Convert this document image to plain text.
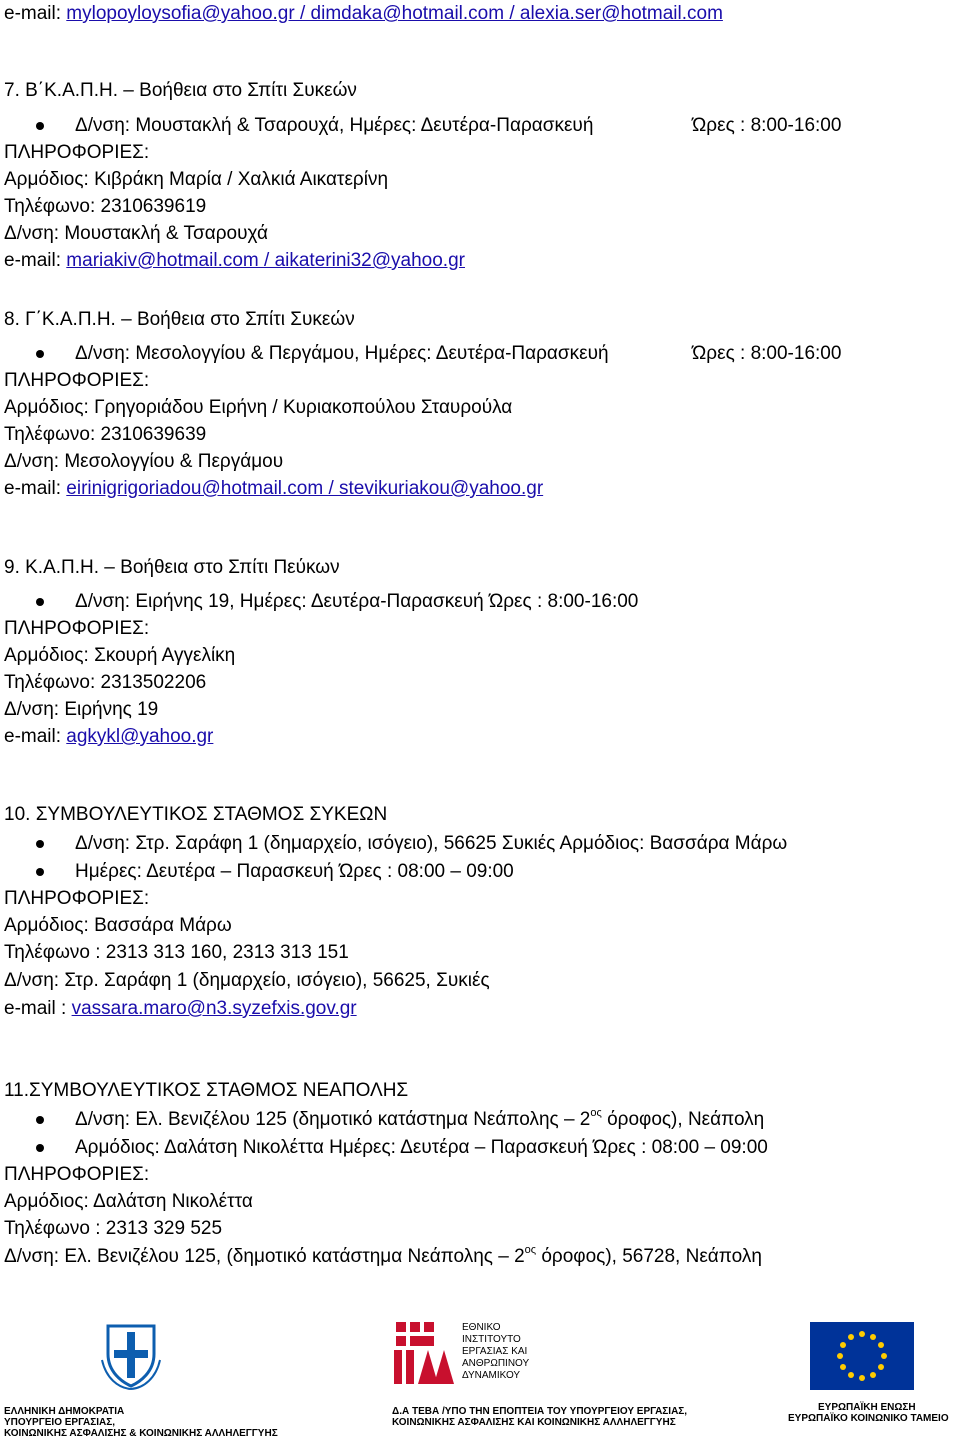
e-mail: mylopoyloysofia@yahoo.gr / dimdaka@hotmail.com / alexia.ser@hotmail.com
7. Β΄Κ.Α.Π.Η. – Βοήθεια στο Σπίτι Συκεών
Δ/νση: Μουστακλή & Τσαρουχά, Ημέρες: Δευτέρα-Παρασκευή	Ώρες : 8:00-16:00
ΠΛΗΡΟΦΟΡΙΕΣ:
Αρμόδιος: Κιβράκη Μαρία / Χαλκιά Αικατερίνη
Τηλέφωνο: 2310639619
Δ/νση: Μουστακλή & Τσαρουχά
e-mail: mariakiv@hotmail.com / aikaterini32@yahoo.gr
8. Γ΄Κ.Α.Π.Η. – Βοήθεια στο Σπίτι Συκεών
Δ/νση: Μεσολογγίου & Περγάμου, Ημέρες: Δευτέρα-Παρασκευή	Ώρες : 8:00-16:00
ΠΛΗΡΟΦΟΡΙΕΣ:
Αρμόδιος: Γρηγοριάδου Ειρήνη / Κυριακοπούλου Σταυρούλα
Τηλέφωνο: 2310639639
Δ/νση: Μεσολογγίου & Περγάμου
e-mail: eirinigrigoriadou@hotmail.com / stevikuriakou@yahoo.gr
9. Κ.Α.Π.Η. – Βοήθεια στο Σπίτι Πεύκων
Δ/νση: Ειρήνης 19, Ημέρες: Δευτέρα-Παρασκευή Ώρες : 8:00-16:00
ΠΛΗΡΟΦΟΡΙΕΣ:
Αρμόδιος: Σκουρή Αγγελίκη
Τηλέφωνο: 2313502206
Δ/νση: Ειρήνης 19
e-mail: agkykl@yahoo.gr
10. ΣΥΜΒΟΥΛΕΥΤΙΚΟΣ ΣΤΑΘΜΟΣ ΣΥΚΕΩΝ
Δ/νση: Στρ. Σαράφη 1 (δημαρχείο, ισόγειο), 56625 Συκιές Αρμόδιος: Βασσάρα Μάρω
Ημέρες: Δευτέρα – Παρασκευή Ώρες : 08:00 – 09:00
ΠΛΗΡΟΦΟΡΙΕΣ:
Αρμόδιος: Βασσάρα Μάρω
Τηλέφωνο : 2313 313 160, 2313 313 151
Δ/νση: Στρ. Σαράφη 1 (δημαρχείο, ισόγειο), 56625, Συκιές
e-mail : vassara.maro@n3.syzefxis.gov.gr
11.ΣΥΜΒΟΥΛΕΥΤΙΚΟΣ ΣΤΑΘΜΟΣ ΝΕΑΠΟΛΗΣ
Δ/νση: Ελ. Βενιζέλου 125 (δημοτικό κατάστημα Νεάπολης – $2^{o\varsigma}$ όροφος), Νεάπολη
Αρμόδιος: Δαλάτση Νικολέττα Ημέρες: Δευτέρα – Παρασκευή Ώρες : 08:00 – 09:00
ΠΛΗΡΟΦΟΡΙΕΣ:
Αρμόδιος: Δαλάτση Νικολέττα
Τηλέφωνο : 2313 329 525
Δ/νση: Ελ. Βενιζέλου 125, (δημοτικό κατάστημα Νεάπολης – $2^{o\varsigma}$ όροφος), 56728, Νεάπολη
ΕΛΛΗΝΙΚΗ ΔΗΜΟΚΡΑΤΙΑ
ΥΠΟΥΡΓΕΙΟ ΕΡΓΑΣΙΑΣ,
ΚΟΙΝΩΝΙΚΗΣ ΑΣΦΑΛΙΣΗΣ & ΚΟΙΝΩΝΙΚΗΣ ΑΛΛΗΛΕΓΓΥΗΣ
ΕΘΝΙΚΟ
ΙΝΣΤΙΤΟΥΤΟ
ΕΡΓΑΣΙΑΣ ΚΑΙ
ΑΝΘΡΩΠΙΝΟΥ
ΔΥΝΑΜΙΚΟΥ
Δ.Α ΤΕΒΑ /ΥΠΟ ΤΗΝ ΕΠΟΠΤΕΙΑ ΤΟΥ ΥΠΟΥΡΓΕΙΟΥ ΕΡΓΑΣΙΑΣ,
ΚΟΙΝΩΝΙΚΗΣ ΑΣΦΑΛΙΣΗΣ ΚΑΙ ΚΟΙΝΩΝΙΚΗΣ ΑΛΛΗΛΕΓΓΥΗΣ
ΕΥΡΩΠΑΪΚΗ ΕΝΩΣΗ
ΕΥΡΩΠΑΪΚΟ ΚΟΙΝΩΝΙΚΟ ΤΑΜΕΙΟ
